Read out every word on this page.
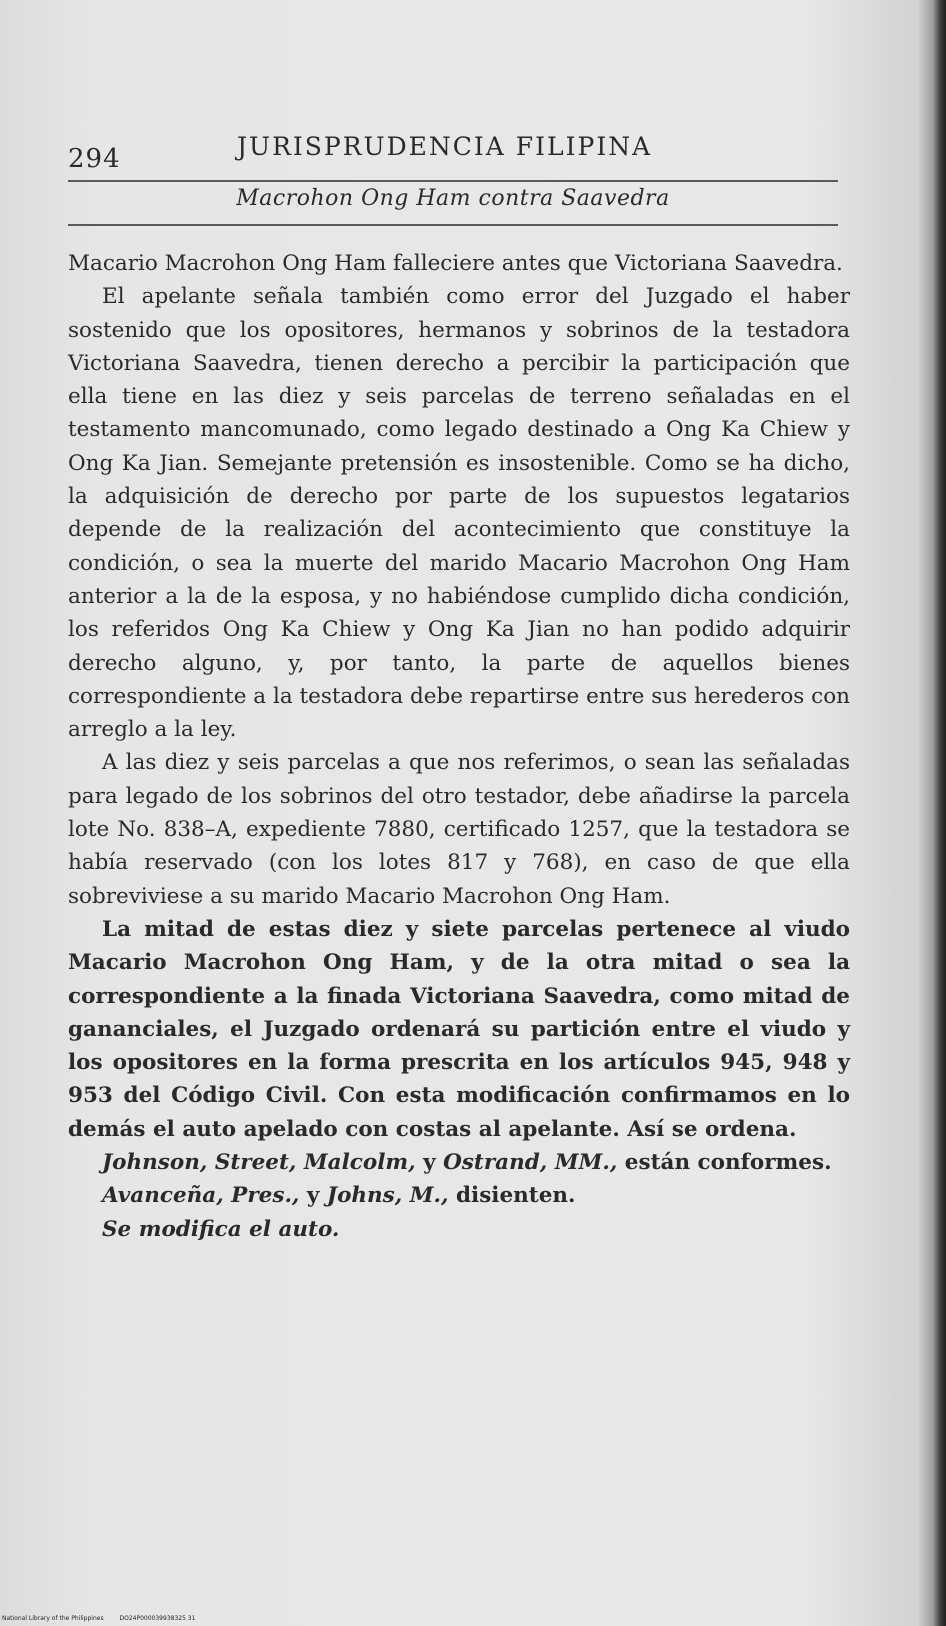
294	JURISPRUDENCIA FILIPINA
Macrohon Ong Ham contra Saavedra

Macario Macrohon Ong Ham falleciere antes que Victoriana Saavedra.

El apelante señala también como error del Juzgado el haber sostenido que los opositores, hermanos y sobrinos de la testadora Victoriana Saavedra, tienen derecho a percibir la participación que ella tiene en las diez y seis parcelas de terreno señaladas en el testamento mancomunado, como legado destinado a Ong Ka Chiew y Ong Ka Jian. Semejante pretensión es insostenible. Como se ha dicho, la adquisición de derecho por parte de los supuestos legatarios depende de la realización del acontecimiento que constituye la condición, o sea la muerte del marido Macario Macrohon Ong Ham anterior a la de la esposa, y no habiéndose cumplido dicha condición, los referidos Ong Ka Chiew y Ong Ka Jian no han podido adquirir derecho alguno, y, por tanto, la parte de aquellos bienes correspondiente a la testadora debe repartirse entre sus herederos con arreglo a la ley.

A las diez y seis parcelas a que nos referimos, o sean las señaladas para legado de los sobrinos del otro testador, debe añadirse la parcela lote No. 838–A, expediente 7880, certificado 1257, que la testadora se había reservado (con los lotes 817 y 768), en caso de que ella sobreviviese a su marido Macario Macrohon Ong Ham.

La mitad de estas diez y siete parcelas pertenece al viudo Macario Macrohon Ong Ham, y de la otra mitad o sea la correspondiente a la finada Victoriana Saavedra, como mitad de gananciales, el Juzgado ordenará su partición entre el viudo y los opositores en la forma prescrita en los artículos 945, 948 y 953 del Código Civil. Con esta modificación confirmamos en lo demás el auto apelado con costas al apelante. Así se ordena.

Johnson, Street, Malcolm, y Ostrand, MM., están conformes.

Avanceña, Pres., y Johns, M., disienten.

Se modifica el auto.

National Library of the Philippines	DO24P000039938325 31
